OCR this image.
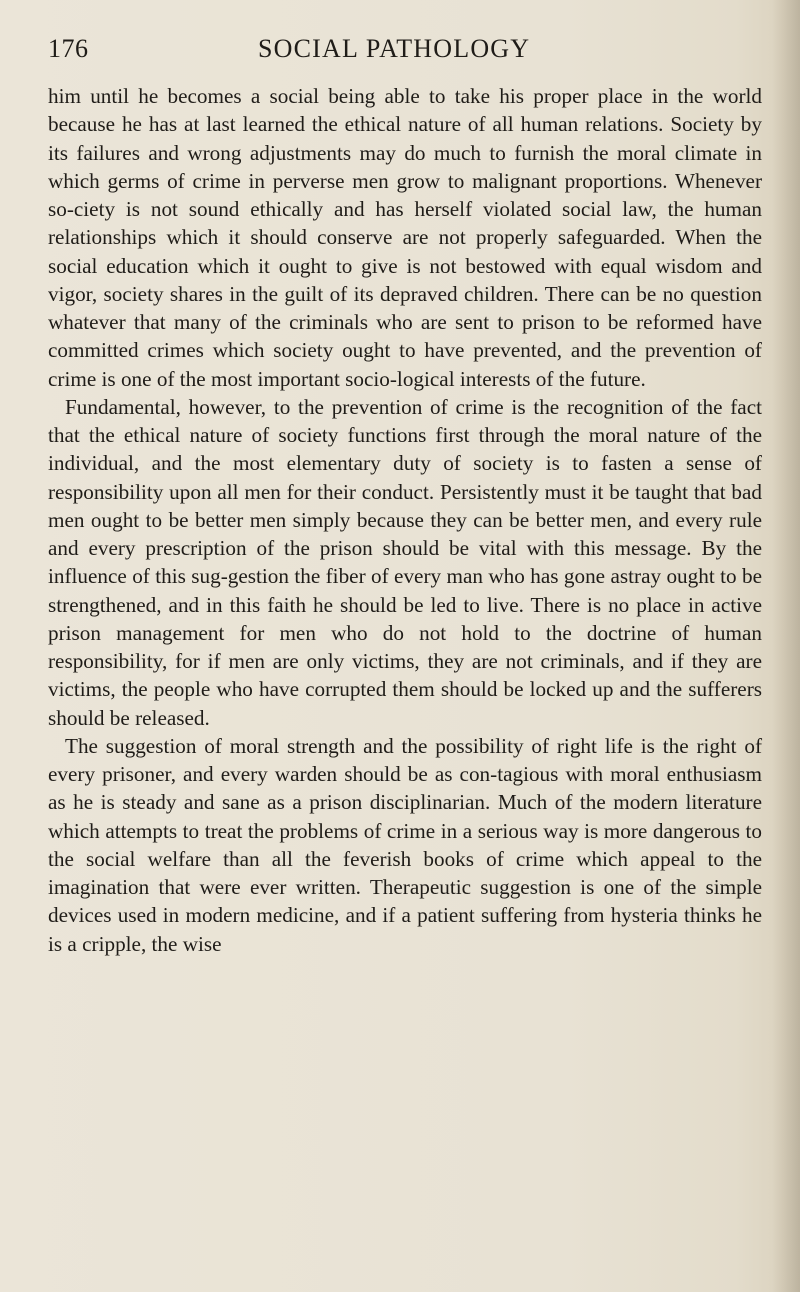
176	SOCIAL PATHOLOGY

him until he becomes a social being able to take his proper place in the world because he has at last learned the ethical nature of all human relations. Society by its failures and wrong adjustments may do much to furnish the moral climate in which germs of crime in perverse men grow to malignant proportions. Whenever so-ciety is not sound ethically and has herself violated social law, the human relationships which it should conserve are not properly safeguarded. When the social education which it ought to give is not bestowed with equal wisdom and vigor, society shares in the guilt of its depraved children. There can be no question whatever that many of the criminals who are sent to prison to be reformed have committed crimes which society ought to have prevented, and the prevention of crime is one of the most important socio-logical interests of the future.

Fundamental, however, to the prevention of crime is the recognition of the fact that the ethical nature of society functions first through the moral nature of the individual, and the most elementary duty of society is to fasten a sense of responsibility upon all men for their conduct. Persistently must it be taught that bad men ought to be better men simply because they can be better men, and every rule and every prescription of the prison should be vital with this message. By the influence of this sug-gestion the fiber of every man who has gone astray ought to be strengthened, and in this faith he should be led to live. There is no place in active prison management for men who do not hold to the doctrine of human responsibility, for if men are only victims, they are not criminals, and if they are victims, the people who have corrupted them should be locked up and the sufferers should be released.

The suggestion of moral strength and the possibility of right life is the right of every prisoner, and every warden should be as con-tagious with moral enthusiasm as he is steady and sane as a prison disciplinarian. Much of the modern literature which attempts to treat the problems of crime in a serious way is more dangerous to the social welfare than all the feverish books of crime which appeal to the imagination that were ever written. Therapeutic suggestion is one of the simple devices used in modern medicine, and if a patient suffering from hysteria thinks he is a cripple, the wise
